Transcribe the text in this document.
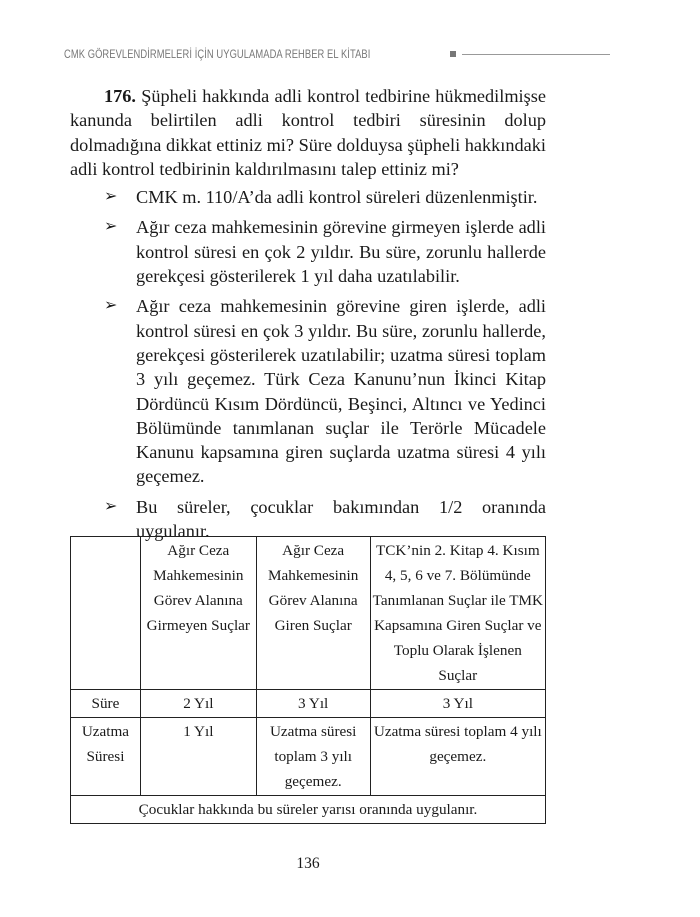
CMK GÖREVLENDİRMELERİ İÇİN UYGULAMADA REHBER EL KİTABI

176. Şüpheli hakkında adli kontrol tedbirine hükmedilmişse kanunda belirtilen adli kontrol tedbiri süresinin dolup dolmadığına dikkat ettiniz mi? Süre dolduysa şüpheli hakkındaki adli kontrol tedbirinin kaldırılmasını talep ettiniz mi?

➢ CMK m. 110/A’da adli kontrol süreleri düzenlenmiştir.
➢ Ağır ceza mahkemesinin görevine girmeyen işlerde adli kontrol süresi en çok 2 yıldır. Bu süre, zorunlu hallerde gerekçesi gösterilerek 1 yıl daha uzatılabilir.
➢ Ağır ceza mahkemesinin görevine giren işlerde, adli kontrol süresi en çok 3 yıldır. Bu süre, zorunlu hallerde, gerekçesi gösterilerek uzatılabilir; uzatma süresi toplam 3 yılı geçemez. Türk Ceza Kanunu’nun İkinci Kitap Dördüncü Kısım Dördüncü, Beşinci, Altıncı ve Yedinci Bölümünde tanımlanan suçlar ile Terörle Mücadele Kanunu kapsamına giren suçlarda uzatma süresi 4 yılı geçemez.
➢ Bu süreler, çocuklar bakımından 1/2 oranında uygulanır.
	Ağır Ceza Mahkemesinin Görev Alanına Girmeyen Suçlar	Ağır Ceza Mahkemesinin Görev Alanına Giren Suçlar	TCK’nin 2. Kitap 4. Kısım 4, 5, 6 ve 7. Bölümünde Tanımlanan Suçlar ile TMK Kapsamına Giren Suçlar ve Toplu Olarak İşlenen Suçlar
Süre	2 Yıl	3 Yıl	3 Yıl
Uzatma Süresi	1 Yıl	Uzatma süresi toplam 3 yılı geçemez.	Uzatma süresi toplam 4 yılı geçemez.
Çocuklar hakkında bu süreler yarısı oranında uygulanır.			
136
